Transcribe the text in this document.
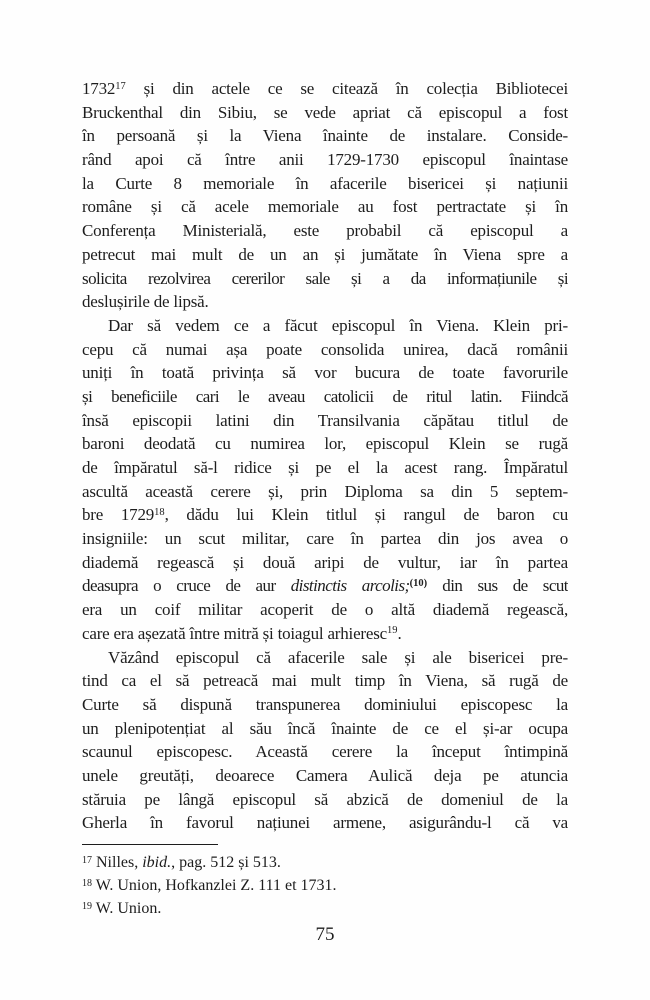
1732$^{17}$ și din actele ce se citează în colecția Bibliotecei
Bruckenthal din Sibiu, se vede apriat că episcopul a fost
în persoană și la Viena înainte de instalare. Conside-
rând apoi că între anii 1729-1730 episcopul înaintase
la Curte 8 memoriale în afacerile bisericei și națiunii
române și că acele memoriale au fost pertractate și în
Conferența Ministerială, este probabil că episcopul a
petrecut mai mult de un an și jumătate în Viena spre a
solicita rezolvirea cererilor sale și a da informațiunile și
deslușirile de lipsă.
Dar să vedem ce a făcut episcopul în Viena. Klein pri-
cepu că numai așa poate consolida unirea, dacă românii
uniți în toată privința să vor bucura de toate favorurile
și beneficiile cari le aveau catolicii de ritul latin. Fiindcă
însă episcopii latini din Transilvania căpătau titlul de
baroni deodată cu numirea lor, episcopul Klein se rugă
de împăratul să-l ridice și pe el la acest rang. Împăratul
ascultă această cerere și, prin Diploma sa din 5 septem-
bre 1729$^{18}$, dădu lui Klein titlul și rangul de baron cu
insigniile: un scut militar, care în partea din jos avea o
diademă regească și două aripi de vultur, iar în partea
deasupra o cruce de aur distinctis arcolis;$^{(10)}$ din sus de scut
era un coif militar acoperit de o altă diademă regească,
care era așezată între mitră și toiagul arhieresc$^{19}$.
Văzând episcopul că afacerile sale și ale bisericei pre-
tind ca el să petreacă mai mult timp în Viena, să rugă de
Curte să dispună transpunerea dominiului episcopesc la
un plenipotențiat al său încă înainte de ce el și-ar ocupa
scaunul episcopesc. Această cerere la început întimpină
unele greutăți, deoarece Camera Aulică deja pe atuncia
stăruia pe lângă episcopul să abzică de domeniul de la
Gherla în favorul națiunei armene, asigurându-l că va
$^{17}$ Nilles, ibid., pag. 512 și 513.
$^{18}$ W. Union, Hofkanzlei Z. 111 et 1731.
$^{19}$ W. Union.
75
